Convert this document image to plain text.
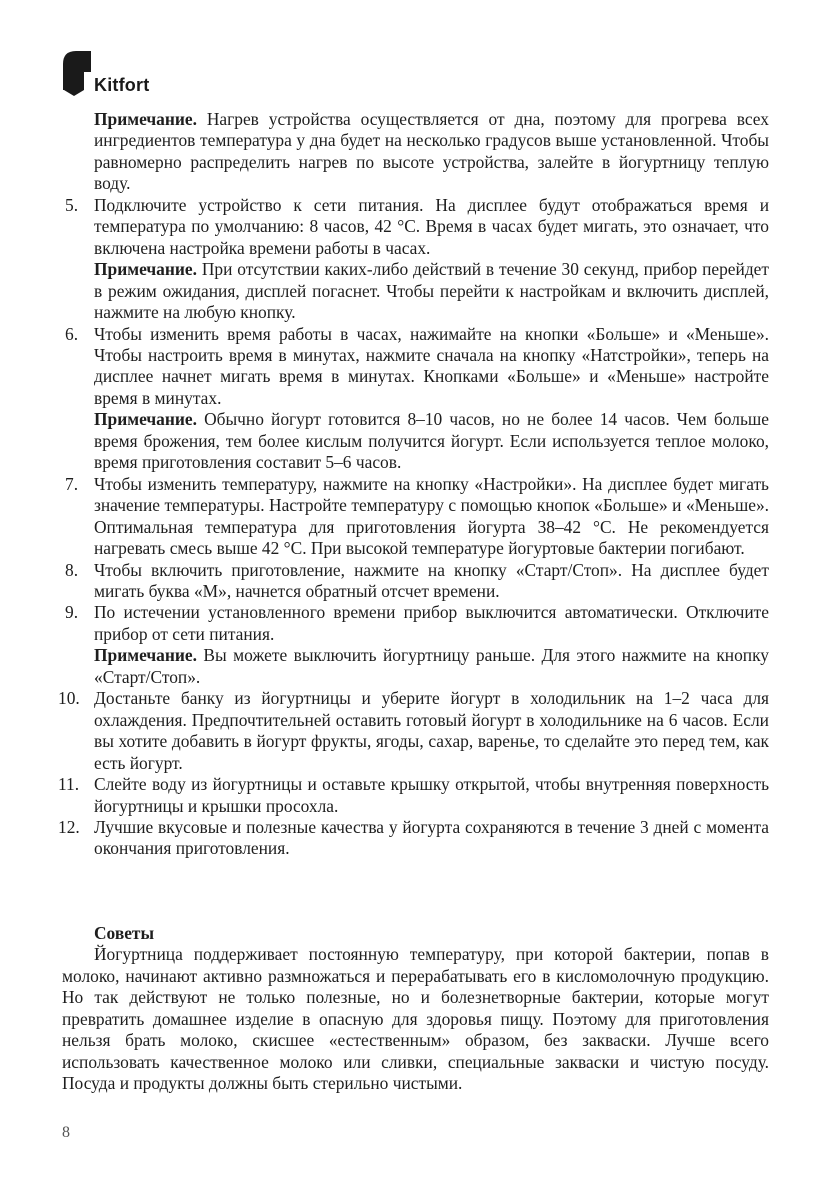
Kitfort

Примечание. Нагрев устройства осуществляется от дна, поэтому для прогрева всех ингредиентов температура у дна будет на несколько градусов выше установленной. Чтобы равномерно распределить нагрев по высоте устройства, залейте в йогуртницу теплую воду.

5. Подключите устройство к сети питания. На дисплее будут отображаться время и температура по умолчанию: 8 часов, 42 °C. Время в часах будет мигать, это означает, что включена настройка времени работы в часах.

Примечание. При отсутствии каких-либо действий в течение 30 секунд, прибор перейдет в режим ожидания, дисплей погаснет. Чтобы перейти к настройкам и включить дисплей, нажмите на любую кнопку.

6. Чтобы изменить время работы в часах, нажимайте на кнопки «Больше» и «Меньше». Чтобы настроить время в минутах, нажмите сначала на кнопку «Натстройки», теперь на дисплее начнет мигать время в минутах. Кнопками «Больше» и «Меньше» настройте время в минутах.

Примечание. Обычно йогурт готовится 8–10 часов, но не более 14 часов. Чем больше время брожения, тем более кислым получится йогурт. Если используется теплое молоко, время приготовления составит 5–6 часов.

7. Чтобы изменить температуру, нажмите на кнопку «Настройки». На дисплее будет мигать значение температуры. Настройте температуру с помощью кнопок «Больше» и «Меньше». Оптимальная температура для приготовления йогурта 38–42 °C. Не рекомендуется нагревать смесь выше 42 °C. При высокой температуре йогуртовые бактерии погибают.

8. Чтобы включить приготовление, нажмите на кнопку «Старт/Стоп». На дисплее будет мигать буква «М», начнется обратный отсчет времени.

9. По истечении установленного времени прибор выключится автоматически. Отключите прибор от сети питания.

Примечание. Вы можете выключить йогуртницу раньше. Для этого нажмите на кнопку «Старт/Стоп».

10. Достаньте банку из йогуртницы и уберите йогурт в холодильник на 1–2 часа для охлаждения. Предпочтительней оставить готовый йогурт в холодильнике на 6 часов. Если вы хотите добавить в йогурт фрукты, ягоды, сахар, варенье, то сделайте это перед тем, как есть йогурт.

11. Слейте воду из йогуртницы и оставьте крышку открытой, чтобы внутренняя поверхность йогуртницы и крышки просохла.

12. Лучшие вкусовые и полезные качества у йогурта сохраняются в течение 3 дней с момента окончания приготовления.

Советы

Йогуртница поддерживает постоянную температуру, при которой бактерии, попав в молоко, начинают активно размножаться и перерабатывать его в кисломолочную продукцию. Но так действуют не только полезные, но и болезнетворные бактерии, которые могут превратить домашнее изделие в опасную для здоровья пищу. Поэтому для приготовления нельзя брать молоко, скисшее «естественным» образом, без закваски. Лучше всего использовать качественное молоко или сливки, специальные закваски и чистую посуду. Посуда и продукты должны быть стерильно чистыми.

8
